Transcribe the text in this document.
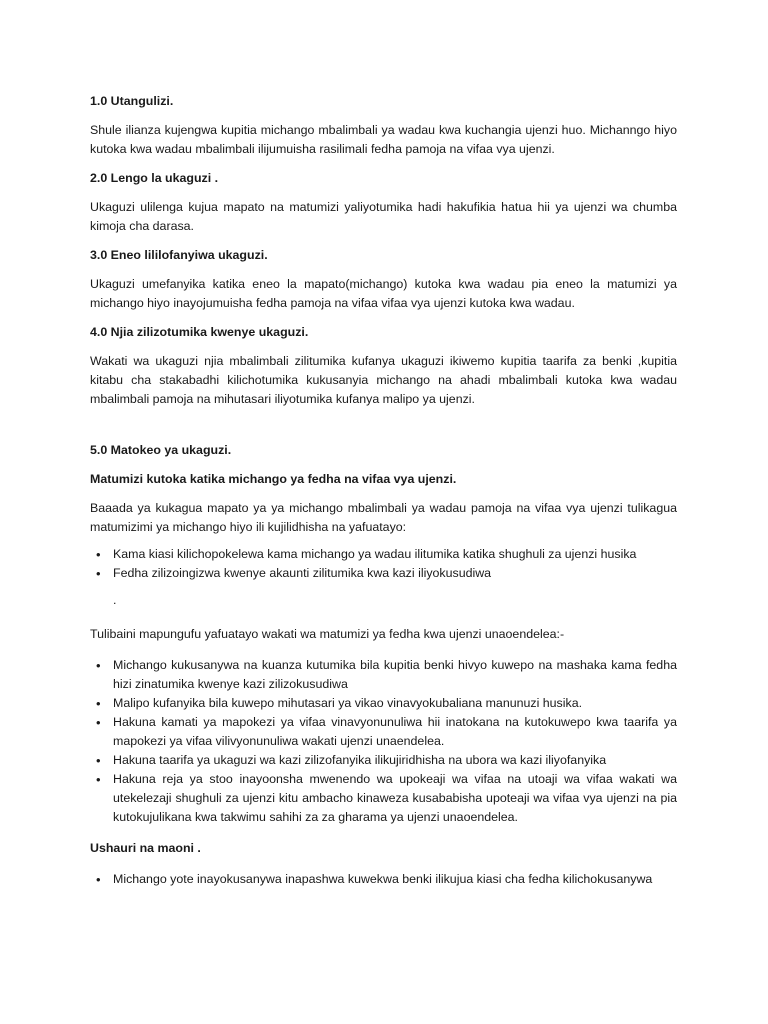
1.0 Utangulizi.

Shule ilianza kujengwa kupitia michango mbalimbali ya wadau kwa kuchangia ujenzi huo. Michanngo hiyo kutoka kwa wadau mbalimbali ilijumuisha rasilimali fedha pamoja na vifaa vya ujenzi.

2.0 Lengo la ukaguzi .

Ukaguzi ulilenga kujua mapato na matumizi yaliyotumika hadi hakufikia hatua hii ya ujenzi wa chumba kimoja cha darasa.

3.0 Eneo lililofanyiwa ukaguzi.

Ukaguzi umefanyika katika eneo la mapato(michango) kutoka kwa wadau pia eneo la matumizi ya michango hiyo inayojumuisha fedha pamoja na vifaa vifaa vya ujenzi kutoka kwa wadau.

4.0 Njia zilizotumika kwenye ukaguzi.

Wakati wa ukaguzi njia mbalimbali zilitumika kufanya ukaguzi ikiwemo kupitia taarifa za benki ,kupitia kitabu cha stakabadhi kilichotumika kukusanyia michango na ahadi mbalimbali kutoka kwa wadau mbalimbali pamoja na mihutasari iliyotumika kufanya malipo ya ujenzi.

5.0 Matokeo ya ukaguzi.

Matumizi kutoka katika michango ya fedha na vifaa vya ujenzi.

Baaada ya kukagua mapato ya ya michango mbalimbali ya wadau pamoja na vifaa vya ujenzi tulikagua matumizimi ya michango hiyo ili kujilidhisha na yafuatayo:

• Kama kiasi kilichopokelewa kama michango ya wadau ilitumika katika shughuli za ujenzi husika
• Fedha zilizoingizwa kwenye akaunti zilitumika kwa kazi iliyokusudiwa

.

Tulibaini mapungufu yafuatayo wakati wa matumizi ya fedha kwa ujenzi unaoendelea:-

• Michango kukusanywa na kuanza kutumika bila kupitia benki hivyo kuwepo na mashaka kama fedha hizi zinatumika kwenye kazi zilizokusudiwa
• Malipo kufanyika bila kuwepo mihutasari ya vikao vinavyokubaliana manunuzi husika.
• Hakuna kamati ya mapokezi ya vifaa vinavyonunuliwa hii inatokana na kutokuwepo kwa taarifa ya mapokezi ya vifaa vilivyonunuliwa wakati ujenzi unaendelea.
• Hakuna taarifa ya ukaguzi wa kazi zilizofanyika ilikujiridhisha na ubora wa kazi iliyofanyika
• Hakuna reja ya stoo inayoonsha mwenendo wa upokeaji wa vifaa na utoaji wa vifaa wakati wa utekelezaji shughuli za ujenzi kitu ambacho kinaweza kusababisha upoteaji wa vifaa vya ujenzi na pia kutokujulikana kwa takwimu sahihi za za gharama ya ujenzi unaoendelea.

Ushauri na maoni .

• Michango yote inayokusanywa inapashwa kuwekwa benki ilikujua kiasi cha fedha kilichokusanywa
